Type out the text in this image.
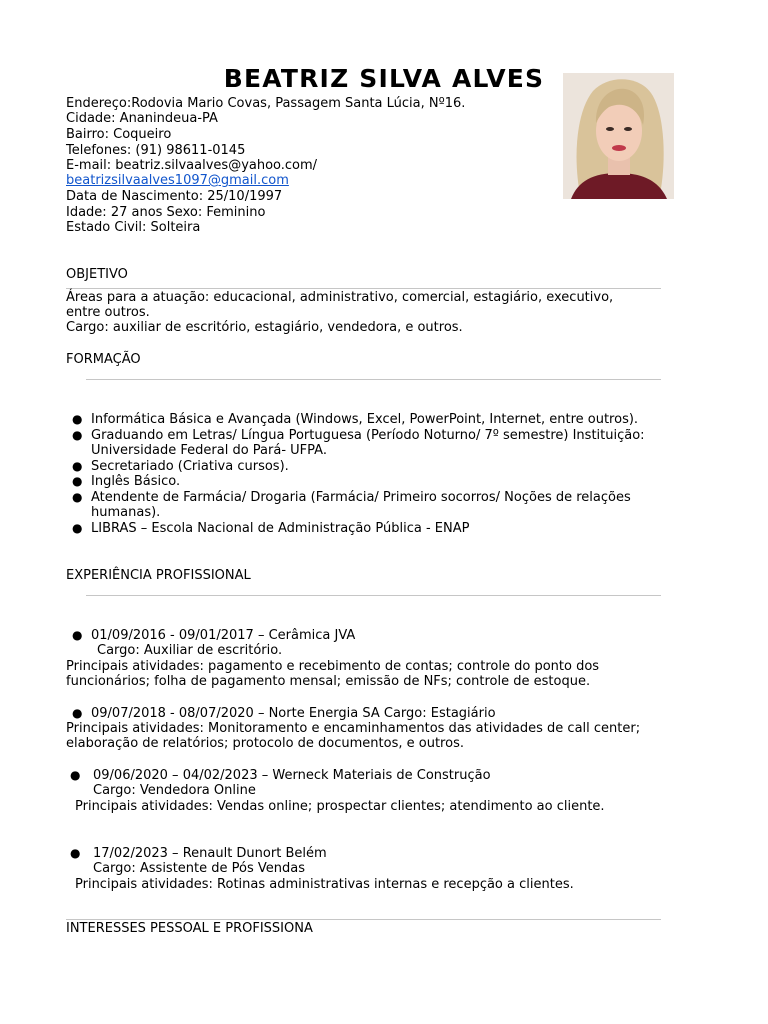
BEATRIZ SILVA ALVES
Endereço:Rodovia Mario Covas, Passagem Santa Lúcia, Nº16.
Cidade: Ananindeua-PA
Bairro: Coqueiro
Telefones: (91) 98611-0145
E-mail: beatriz.silvaalves@yahoo.com/
beatrizsilvaalves1097@gmail.com
Data de Nascimento: 25/10/1997
Idade: 27 anos Sexo: Feminino
Estado Civil: Solteira
OBJETIVO
Áreas para a atuação: educacional, administrativo, comercial, estagiário, executivo,
entre outros.
Cargo: auxiliar de escritório, estagiário, vendedora, e outros.
FORMAÇÃO
● Informática Básica e Avançada (Windows, Excel, PowerPoint, Internet, entre outros).
● Graduando em Letras/ Língua Portuguesa (Período Noturno/ 7º semestre) Instituição:
Universidade Federal do Pará- UFPA.
● Secretariado (Criativa cursos).
● Inglês Básico.
● Atendente de Farmácia/ Drogaria (Farmácia/ Primeiro socorros/ Noções de relações
humanas).
● LIBRAS – Escola Nacional de Administração Pública - ENAP
EXPERIÊNCIA PROFISSIONAL
● 01/09/2016 - 09/01/2017 – Cerâmica JVA
Cargo: Auxiliar de escritório.
Principais atividades: pagamento e recebimento de contas; controle do ponto dos
funcionários; folha de pagamento mensal; emissão de NFs; controle de estoque.
● 09/07/2018 - 08/07/2020 – Norte Energia SA Cargo: Estagiário
Principais atividades: Monitoramento e encaminhamentos das atividades de call center;
elaboração de relatórios; protocolo de documentos, e outros.
● 09/06/2020 – 04/02/2023 – Werneck Materiais de Construção
Cargo: Vendedora Online
Principais atividades: Vendas online; prospectar clientes; atendimento ao cliente.
● 17/02/2023 – Renault Dunort Belém
Cargo: Assistente de Pós Vendas
Principais atividades: Rotinas administrativas internas e recepção a clientes.
INTERESSES PESSOAL E PROFISSIONA
